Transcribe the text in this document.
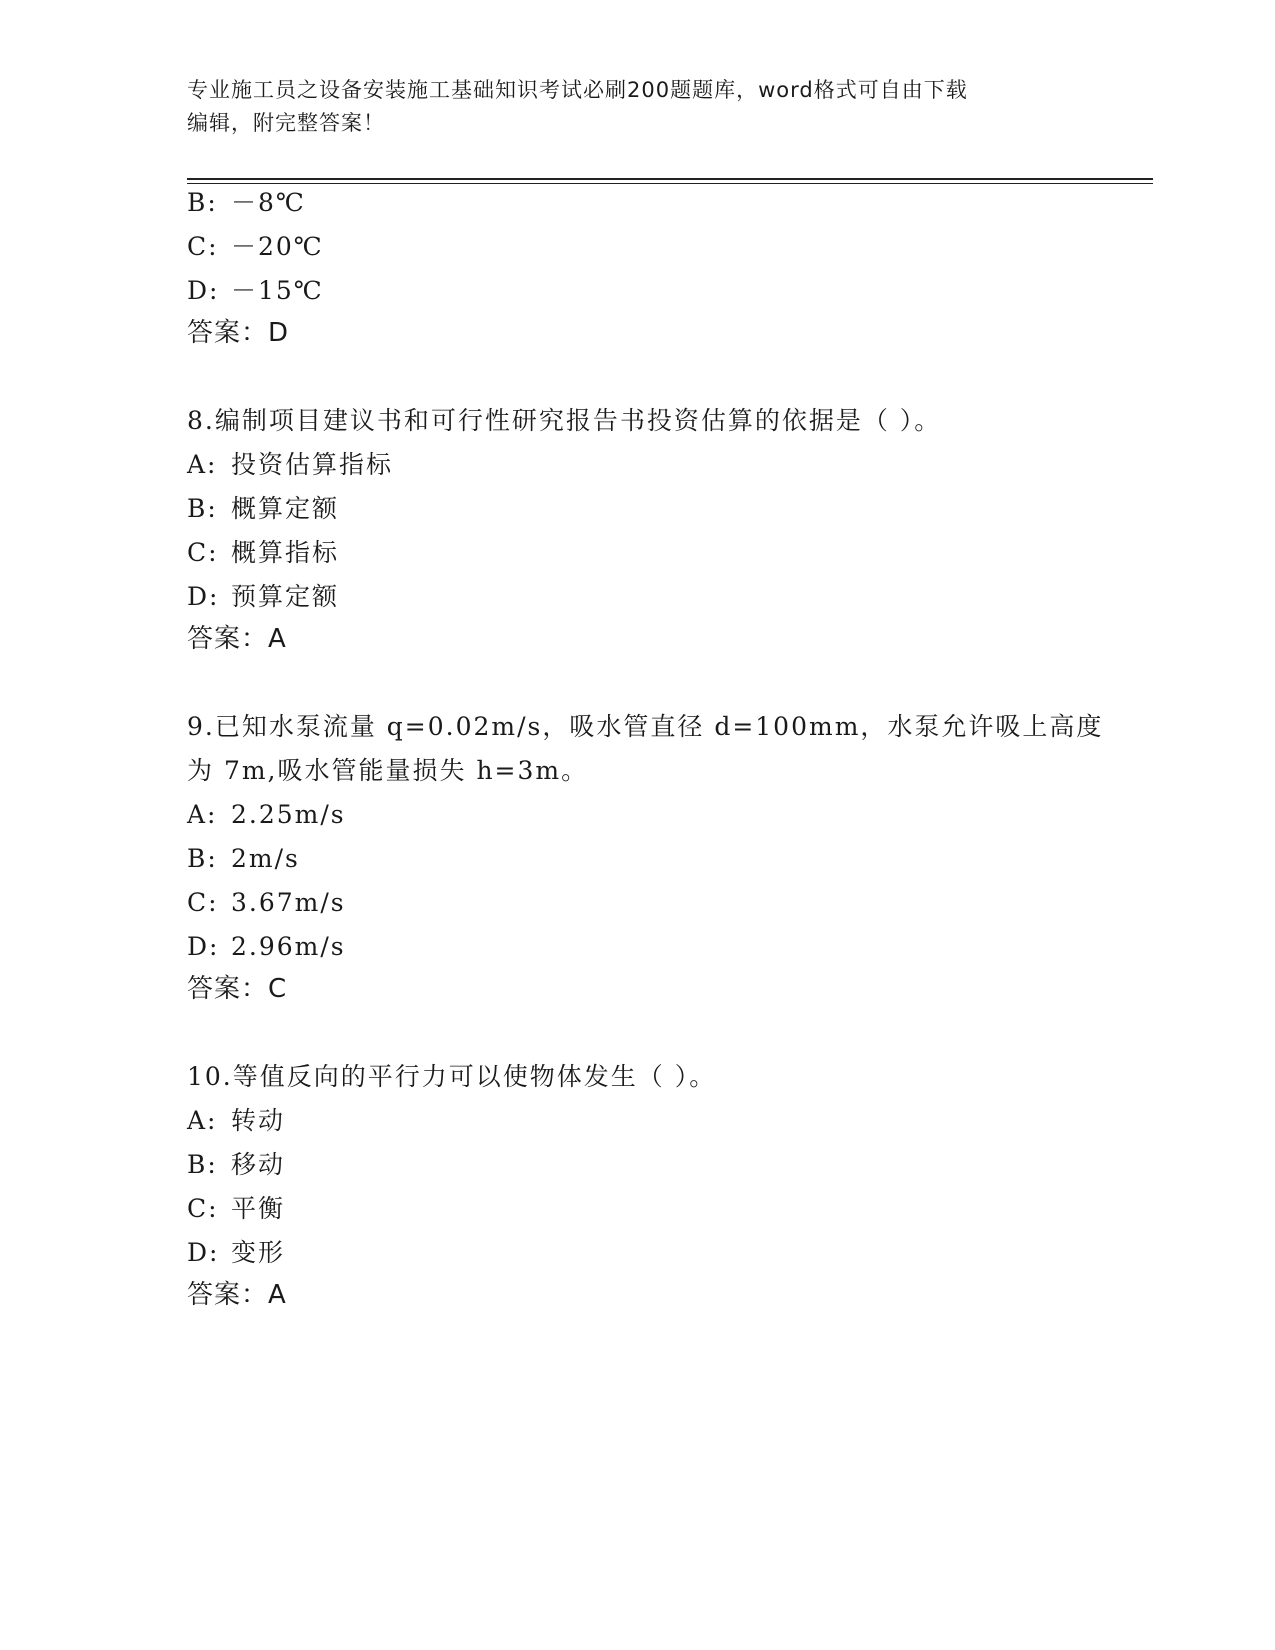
专业施工员之设备安装施工基础知识考试必刷200题题库，word格式可自由下载
编辑，附完整答案！
B: －8℃
C: －20℃
D: －15℃
答案：D
8.编制项目建议书和可行性研究报告书投资估算的依据是（ ）。
A: 投资估算指标
B: 概算定额
C: 概算指标
D: 预算定额
答案：A
9.已知水泵流量 q=0.02m/s，吸水管直径 d=100mm，水泵允许吸上高度
为 7m,吸水管能量损失 h=3m。
A: 2.25m/s
B: 2m/s
C: 3.67m/s
D: 2.96m/s
答案：C
10.等值反向的平行力可以使物体发生（ ）。
A: 转动
B: 移动
C: 平衡
D: 变形
答案：A
